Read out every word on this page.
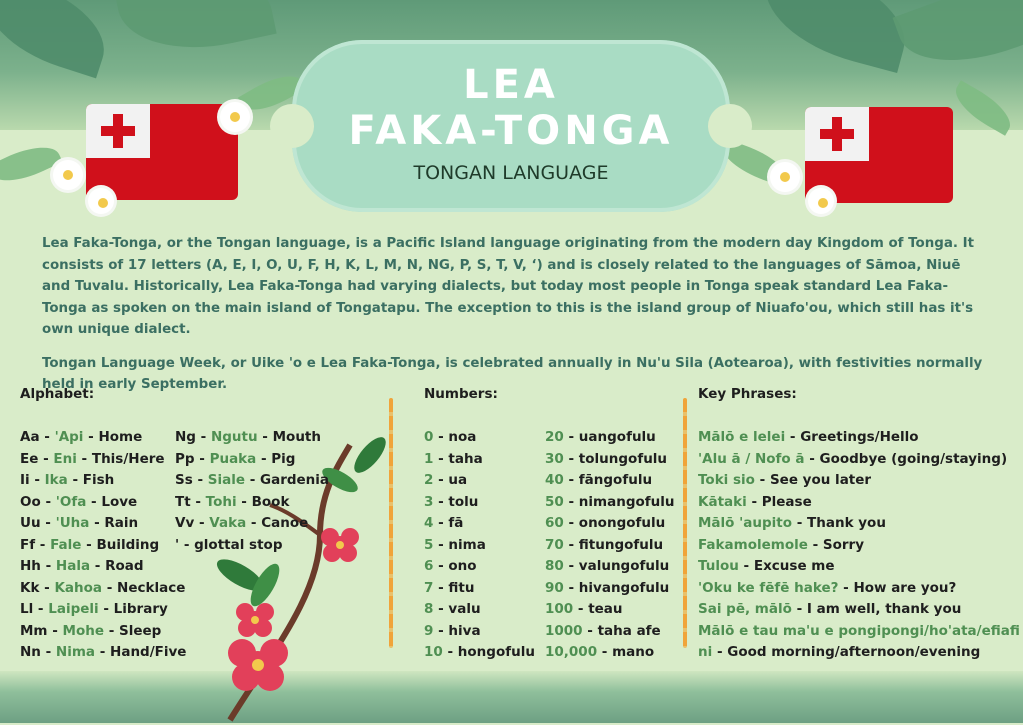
LEA
FAKA-TONGA
TONGAN LANGUAGE

Lea Faka-Tonga, or the Tongan language, is a Pacific Island language originating from the modern day Kingdom of Tonga. It consists of 17 letters (A, E, I, O, U, F, H, K, L, M, N, NG, P, S, T, V, ‘) and is closely related to the languages of Sāmoa, Niuē and Tuvalu. Historically, Lea Faka-Tonga had varying dialects, but today most people in Tonga speak standard Lea Faka-Tonga as spoken on the main island of Tongatapu. The exception to this is the island group of Niuafo'ou, which still has it's own unique dialect.

Tongan Language Week, or Uike 'o e Lea Faka-Tonga, is celebrated annually in Nu'u Sila (Aotearoa), with festivities normally held in early September.

Alphabet:	Numbers:	Key Phrases:
Aa - 'Api - Home
Ee - Eni - This/Here
Ii - Ika - Fish
Oo - 'Ofa - Love
Uu - 'Uha - Rain
Ff - Fale - Building
Hh - Hala - Road
Kk - Kahoa - Necklace
Ll - Laipeli - Library
Mm - Mohe - Sleep
Nn - Nima - Hand/Five
Ng - Ngutu - Mouth
Pp - Puaka - Pig
Ss - Siale - Gardenia
Tt - Tohi - Book
Vv - Vaka - Canoe
' - glottal stop
0 - noa
1 - taha
2 - ua
3 - tolu
4 - fā
5 - nima
6 - ono
7 - fitu
8 - valu
9 - hiva
10 - hongofulu
20 - uangofulu
30 - tolungofulu
40 - fāngofulu
50 - nimangofulu
60 - onongofulu
70 - fitungofulu
80 - valungofulu
90 - hivangofulu
100 - teau
1000 - taha afe
10,000 - mano
Mālō e lelei - Greetings/Hello
'Alu ā / Nofo ā - Goodbye (going/staying)
Toki sio - See you later
Kātaki - Please
Mālō 'aupito - Thank you
Fakamolemole - Sorry
Tulou - Excuse me
'Oku ke fēfē hake? - How are you?
Sai pē, mālō - I am well, thank you
Mālō e tau ma'u e pongipongi/ho'ata/efiafi
ni - Good morning/afternoon/evening
